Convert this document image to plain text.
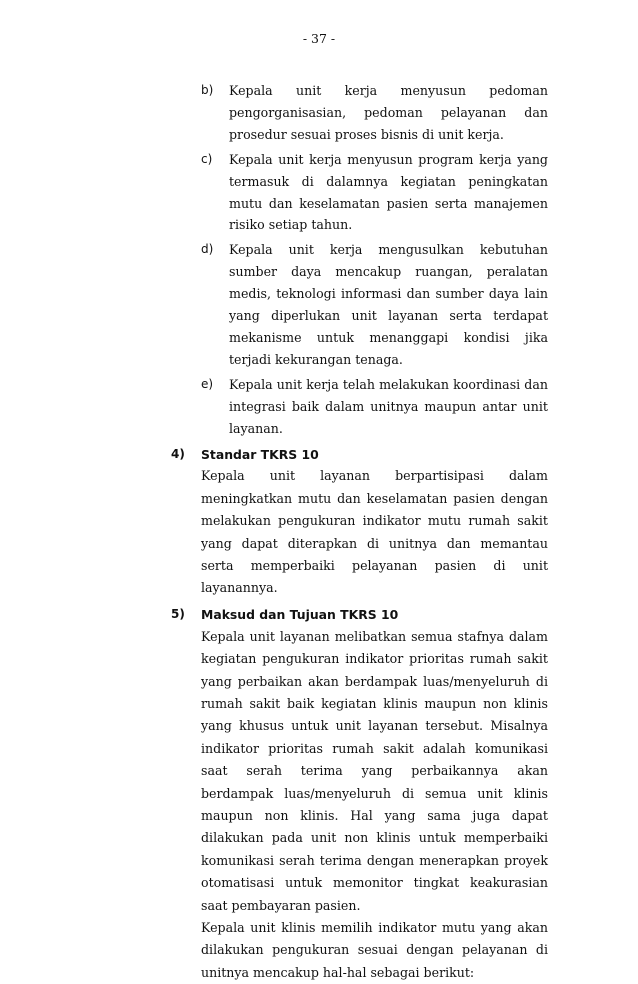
- 37 -
b) Kepala unit kerja menyusun pedoman
pengorganisasian, pedoman pelayanan dan prosedur sesuai proses bisnis di unit kerja.
c) Kepala unit kerja menyusun program kerja yang termasuk di dalamnya kegiatan peningkatan mutu dan keselamatan pasien serta manajemen risiko setiap tahun.
d) Kepala unit kerja mengusulkan kebutuhan sumber daya mencakup ruangan, peralatan medis, teknologi informasi dan sumber daya lain yang diperlukan unit layanan serta terdapat mekanisme untuk menanggapi kondisi jika terjadi kekurangan tenaga.
e) Kepala unit kerja telah melakukan koordinasi dan integrasi baik dalam unitnya maupun antar unit layanan.
4) Standar TKRS 10
Kepala unit layanan berpartisipasi dalam meningkatkan mutu dan keselamatan pasien dengan melakukan pengukuran indikator mutu rumah sakit yang dapat diterapkan di unitnya dan memantau serta memperbaiki pelayanan pasien di unit layanannya.
5) Maksud dan Tujuan TKRS 10
Kepala unit layanan melibatkan semua stafnya dalam kegiatan pengukuran indikator prioritas rumah sakit yang perbaikan akan berdampak luas/menyeluruh di rumah sakit baik kegiatan klinis maupun non klinis yang khusus untuk unit layanan tersebut. Misalnya indikator prioritas rumah sakit adalah komunikasi saat serah terima yang perbaikannya akan berdampak luas/menyeluruh di semua unit klinis maupun non klinis. Hal yang sama juga dapat dilakukan pada unit non klinis untuk memperbaiki komunikasi serah terima dengan menerapkan proyek otomatisasi untuk memonitor tingkat keakurasian saat pembayaran pasien.
Kepala unit klinis memilih indikator mutu yang akan dilakukan pengukuran sesuai dengan pelayanan di unitnya mencakup hal-hal sebagai berikut:
